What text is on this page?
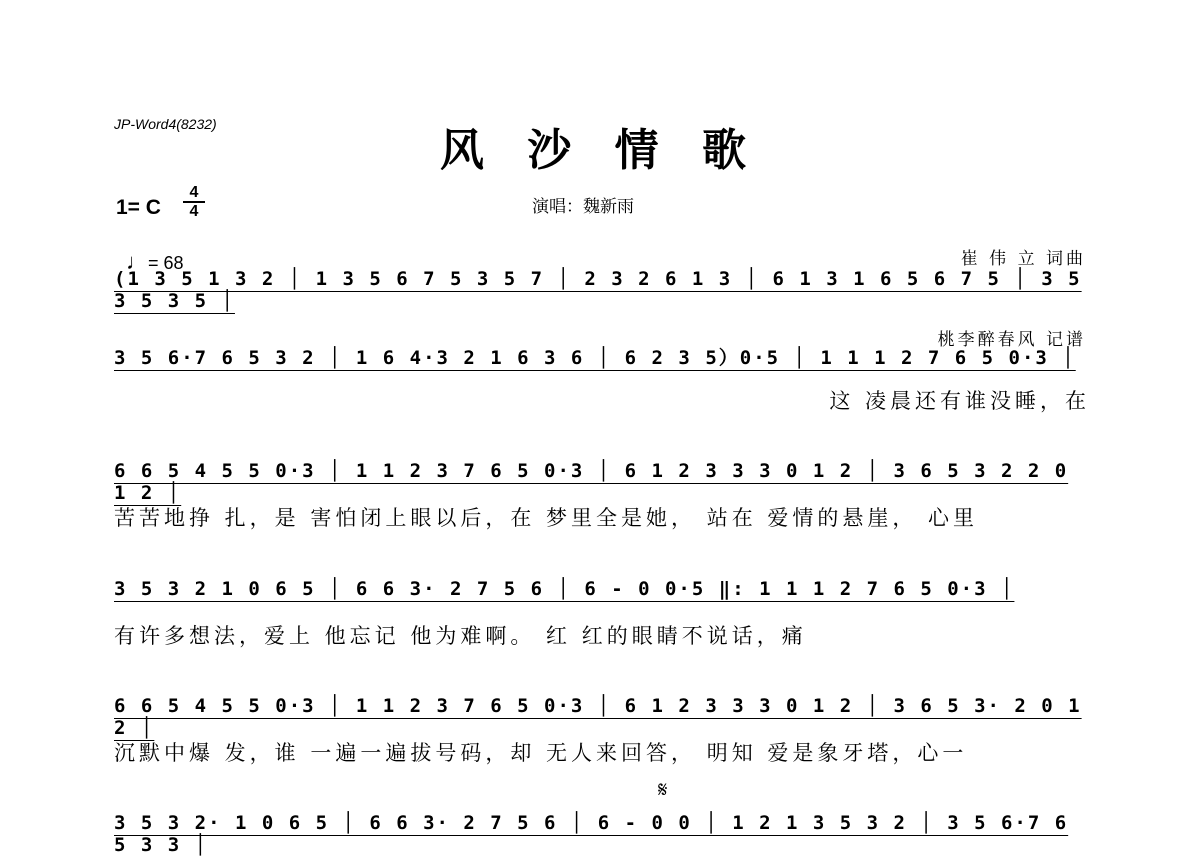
JP-Word4(8232)
风 沙 情 歌
1= C $\frac{4}{4}$

♩= 68

演唱：魏新雨

崔 伟 立 词曲

桃李醉春风 记谱

(1 3 5 1 3 2 │ 1 3 5 6 7 5 3 5 7 │ 2 3 2 6 1 3 │ 6 1 3 1 6 5 6 7 5 │ 3 5 3 5 3 5 │
3 5 6·7 6 5 3 2 │ 1 6 4·3 2 1 6 3 6 │ 6 2 3 5）0·5 │ 1 1 1 2 7 6 5 0·3 │
这 凌晨还有谁没睡，在
6 6 5 4 5 5 0·3 │ 1 1 2 3 7 6 5 0·3 │ 6 1 2 3 3 3 0 1 2 │ 3 6 5 3 2 2 0 1 2 │
苦苦地挣 扎，是 害怕闭上眼以后，在 梦里全是她， 站在 爱情的悬崖， 心里
3 5 3 2 1 0 6 5 │ 6 6 3· 2 7 5 6 │ 6 - 0 0·5 ‖: 1 1 1 2 7 6 5 0·3 │
有许多想法，爱上 他忘记 他为难啊。 红 红的眼睛不说话，痛
6 6 5 4 5 5 0·3 │ 1 1 2 3 7 6 5 0·3 │ 6 1 2 3 3 3 0 1 2 │ 3 6 5 3· 2 0 1 2 │
沉默中爆 发，谁 一遍一遍拔号码，却 无人来回答， 明知 爱是象牙塔，心一
𝄋
3 5 3 2· 1 0 6 5 │ 6 6 3· 2 7 5 6 │ 6 - 0 0 │ 1 2 1 3 5 3 2 │ 3 5 6·7 6 5 3 3 │
